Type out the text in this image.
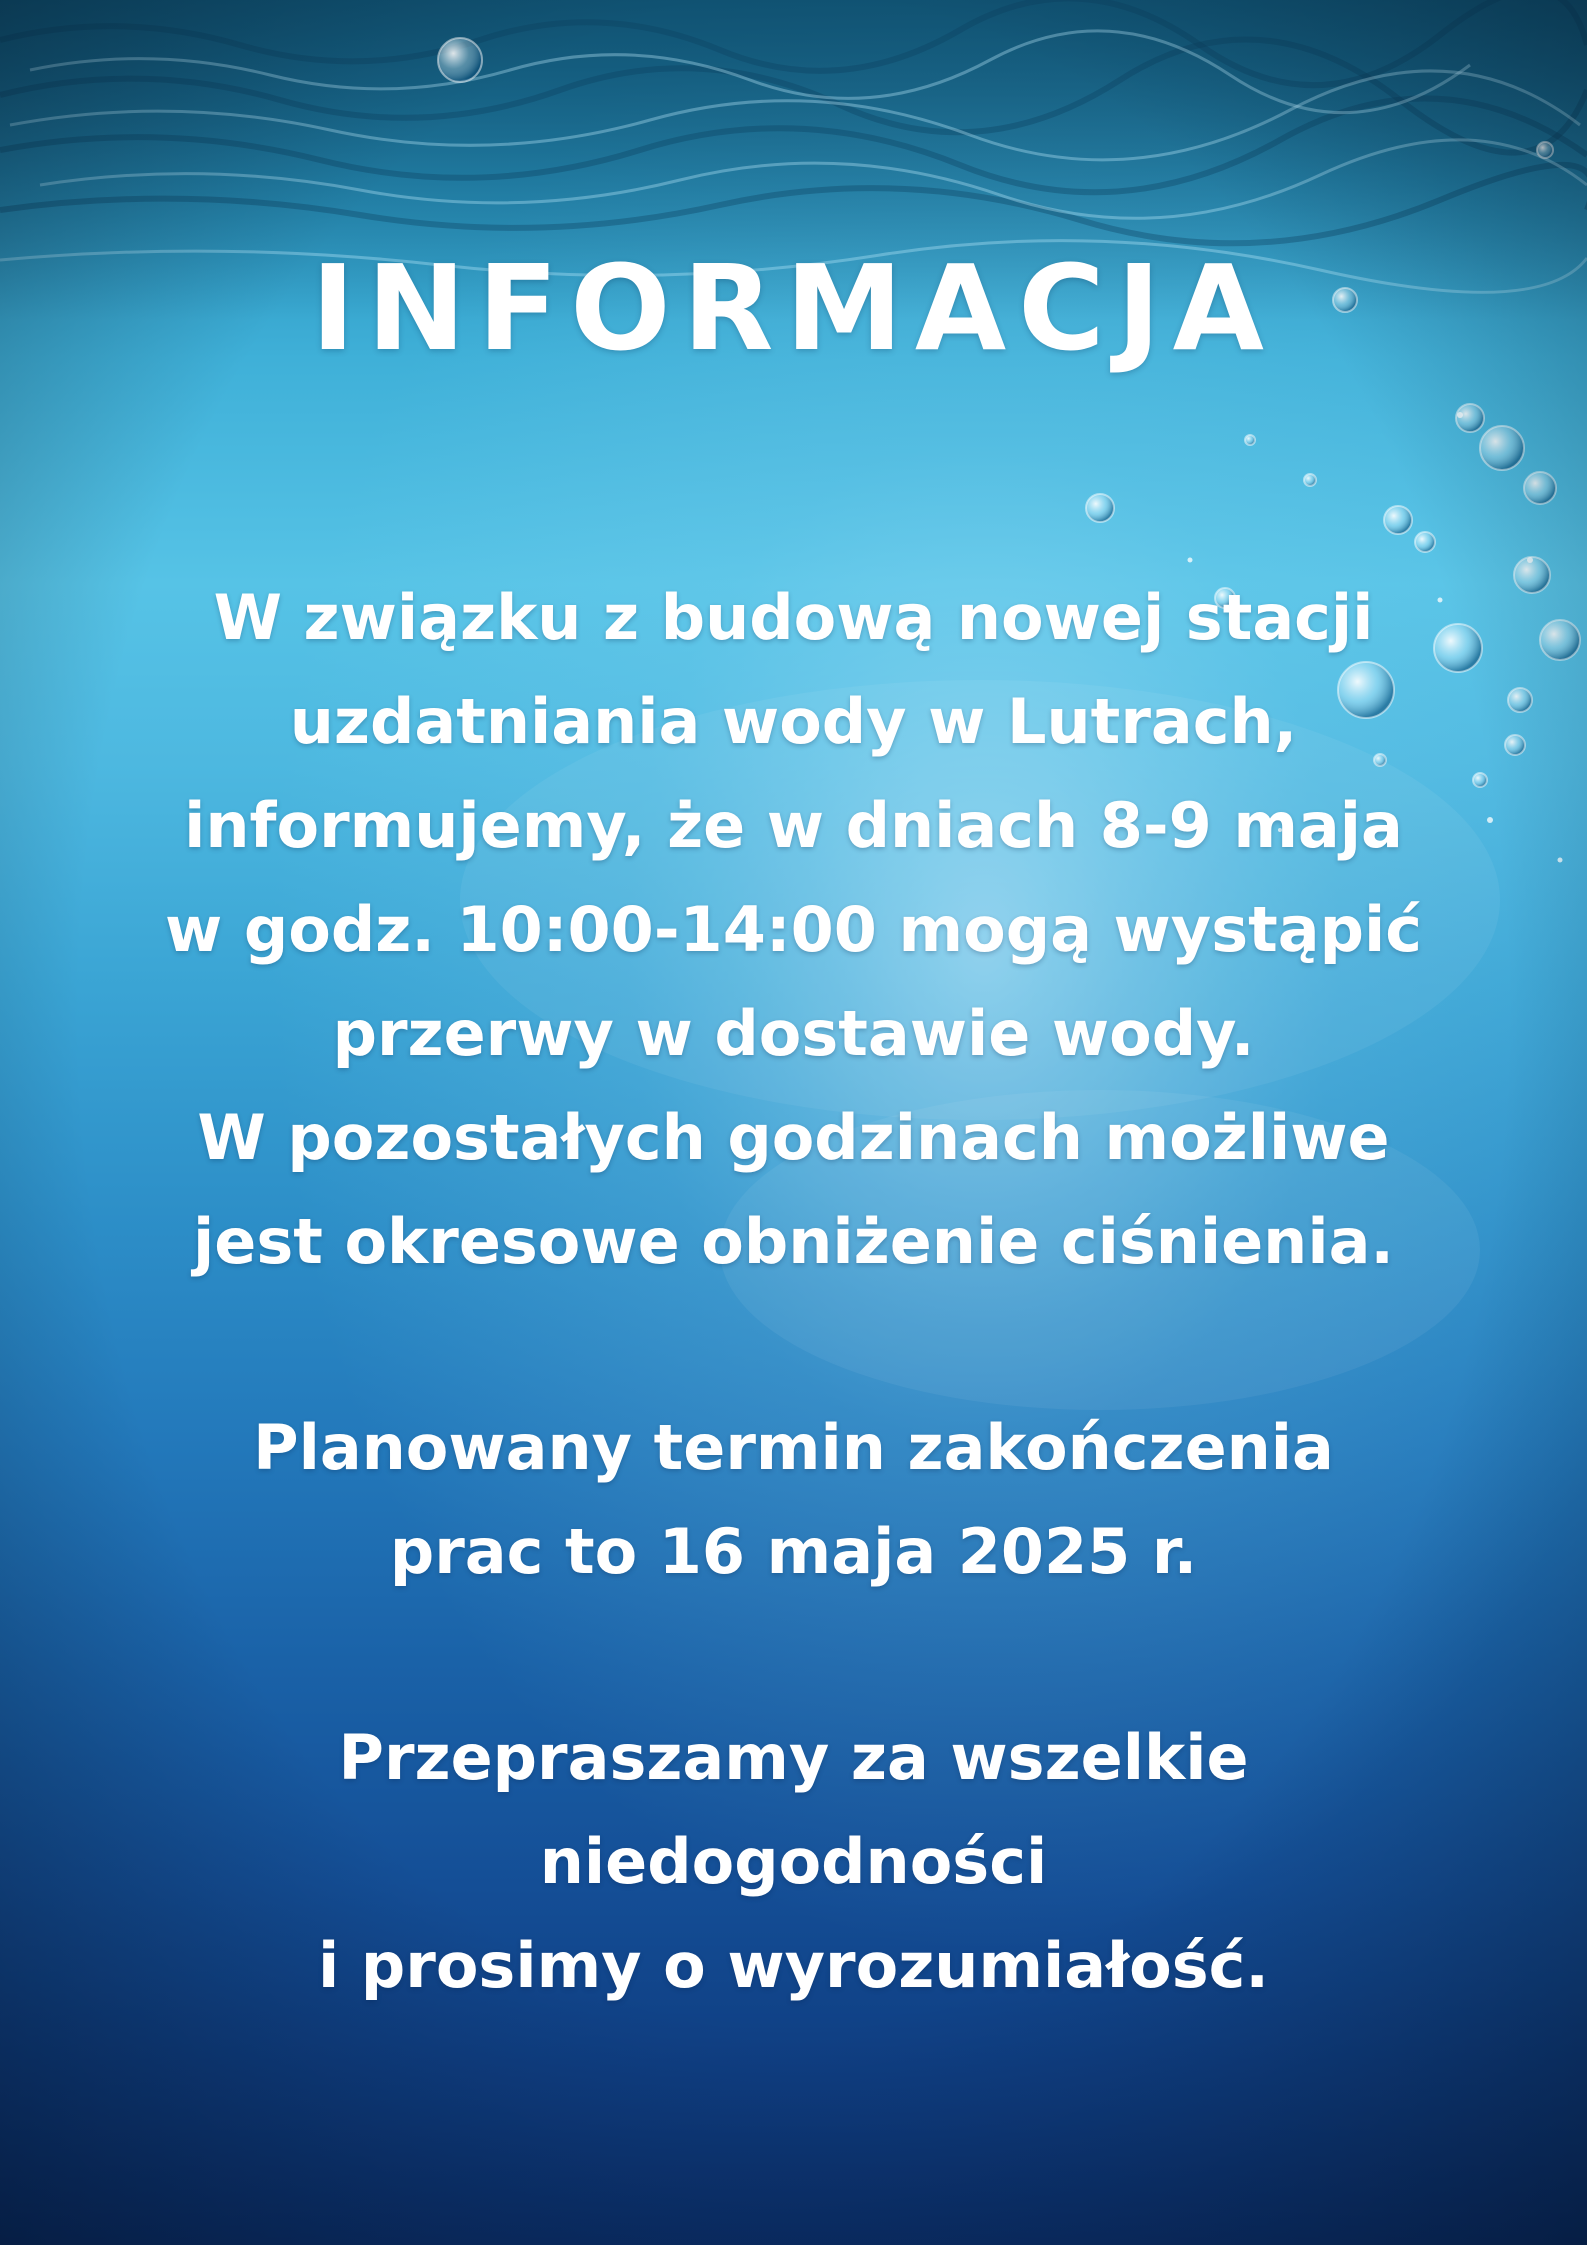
INFORMACJA
W związku z budową nowej stacji
uzdatniania wody w Lutrach,
informujemy, że w dniach 8-9 maja
w godz. 10:00-14:00 mogą wystąpić
przerwy w dostawie wody.
W pozostałych godzinach możliwe
jest okresowe obniżenie ciśnienia.
Planowany termin zakończenia
prac to 16 maja 2025 r.
Przepraszamy za wszelkie
niedogodności
i prosimy o wyrozumiałość.
